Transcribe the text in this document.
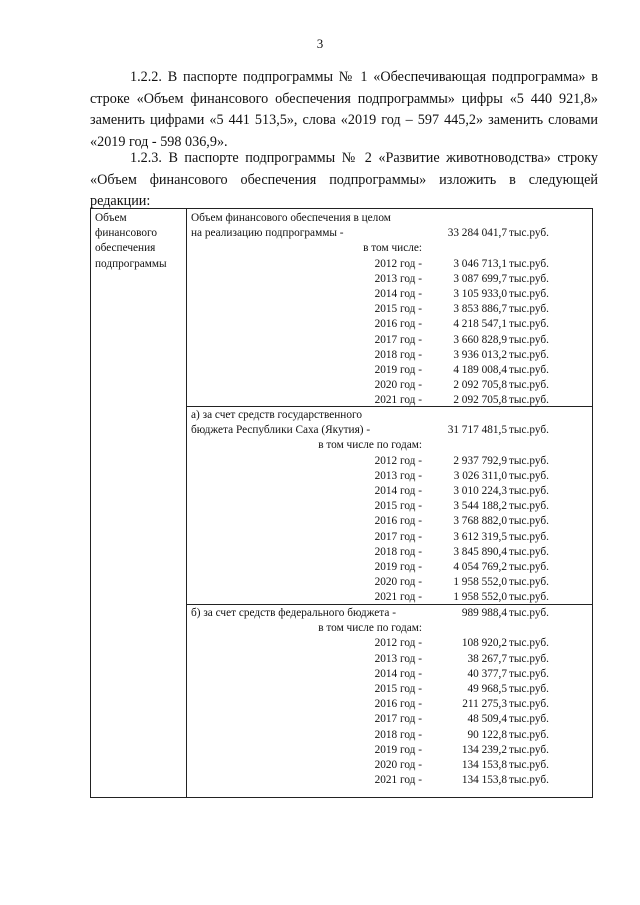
3

1.2.2. В паспорте подпрограммы № 1 «Обеспечивающая подпрограмма» в строке «Объем финансового обеспечения подпрограммы» цифры «5 440 921,8» заменить цифрами «5 441 513,5», слова «2019 год – 597 445,2» заменить словами «2019 год - 598 036,9».

1.2.3. В паспорте подпрограммы № 2 «Развитие животноводства» строку «Объем финансового обеспечения подпрограммы» изложить в следующей редакции:

Объем
финансового
обеспечения
подпрограммы
Объем финансового обеспечения в целом
на реализацию подпрограммы -	33 284 041,7 тыс.руб.
в том числе:
2012 год -	3 046 713,1 тыс.руб.
2013 год -	3 087 699,7 тыс.руб.
2014 год -	3 105 933,0 тыс.руб.
2015 год -	3 853 886,7 тыс.руб.
2016 год -	4 218 547,1 тыс.руб.
2017 год -	3 660 828,9 тыс.руб.
2018 год -	3 936 013,2 тыс.руб.
2019 год -	4 189 008,4 тыс.руб.
2020 год -	2 092 705,8 тыс.руб.
2021 год -	2 092 705,8 тыс.руб.
а) за счет средств государственного
бюджета Республики Саха (Якутия) -	31 717 481,5 тыс.руб.
в том числе по годам:
2012 год -	2 937 792,9 тыс.руб.
2013 год -	3 026 311,0 тыс.руб.
2014 год -	3 010 224,3 тыс.руб.
2015 год -	3 544 188,2 тыс.руб.
2016 год -	3 768 882,0 тыс.руб.
2017 год -	3 612 319,5 тыс.руб.
2018 год -	3 845 890,4 тыс.руб.
2019 год -	4 054 769,2 тыс.руб.
2020 год -	1 958 552,0 тыс.руб.
2021 год -	1 958 552,0 тыс.руб.
б) за счет средств федерального бюджета -	989 988,4 тыс.руб.
в том числе по годам:
2012 год -	108 920,2 тыс.руб.
2013 год -	38 267,7 тыс.руб.
2014 год -	40 377,7 тыс.руб.
2015 год -	49 968,5 тыс.руб.
2016 год -	211 275,3 тыс.руб.
2017 год -	48 509,4 тыс.руб.
2018 год -	90 122,8 тыс.руб.
2019 год -	134 239,2 тыс.руб.
2020 год -	134 153,8 тыс.руб.
2021 год -	134 153,8 тыс.руб.
